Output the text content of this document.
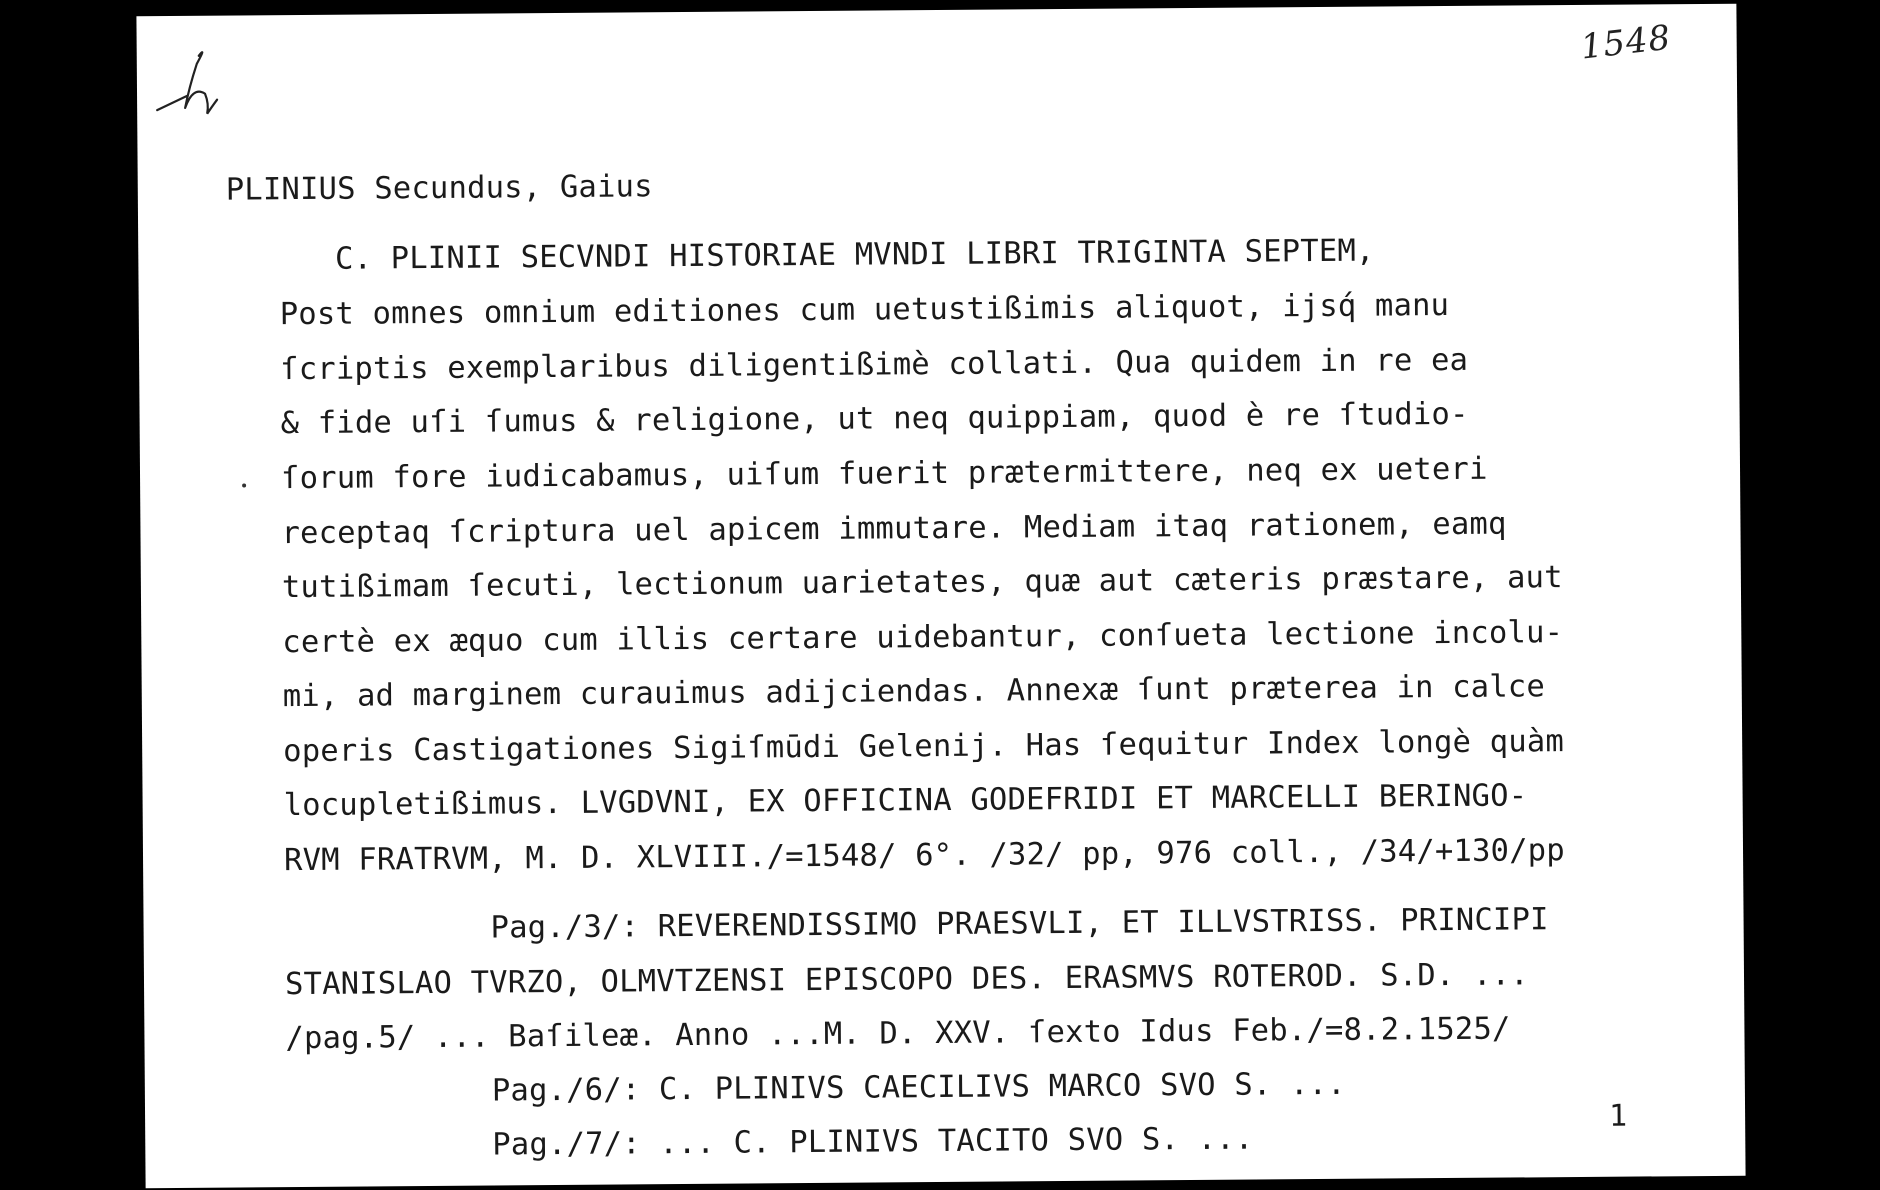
1548
PLINIUS Secundus, Gaius
C. PLINII SECVNDI HISTORIAE MVNDI LIBRI TRIGINTA SEPTEM,
Post omnes omnium editiones cum uetustißimis aliquot, ijsq́ manu
ſcriptis exemplaribus diligentißimè collati. Qua quidem in re ea
& fide uſi ſumus & religione, ut neq quippiam, quod è re ſtudio-
ſorum fore iudicabamus, uiſum fuerit prætermittere, neq ex ueteri
receptaq ſcriptura uel apicem immutare. Mediam itaq rationem, eamq
tutißimam ſecuti, lectionum uarietates, quæ aut cæteris præstare, aut
certè ex æquo cum illis certare uidebantur, conſueta lectione incolu-
mi, ad marginem curauimus adijciendas. Annexæ ſunt præterea in calce
operis Castigationes Sigiſmūdi Gelenij. Has ſequitur Index longè quàm
locupletißimus. LVGDVNI, EX OFFICINA GODEFRIDI ET MARCELLI BERINGO-
RVM FRATRVM, M. D. XLVIII./=1548/ 6°. /32/ pp, 976 coll., /34/+130/pp
Pag./3/: REVERENDISSIMO PRAESVLI, ET ILLVSTRISS. PRINCIPI
STANISLAO TVRZO, OLMVTZENSI EPISCOPO DES. ERASMVS ROTEROD. S.D. ...
/pag.5/ ... Baſileæ. Anno ...M. D. XXV. ſexto Idus Feb./=8.2.1525/
Pag./6/: C. PLINIVS CAECILIVS MARCO SVO S. ...
Pag./7/: ... C. PLINIVS TACITO SVO S. ...
1
